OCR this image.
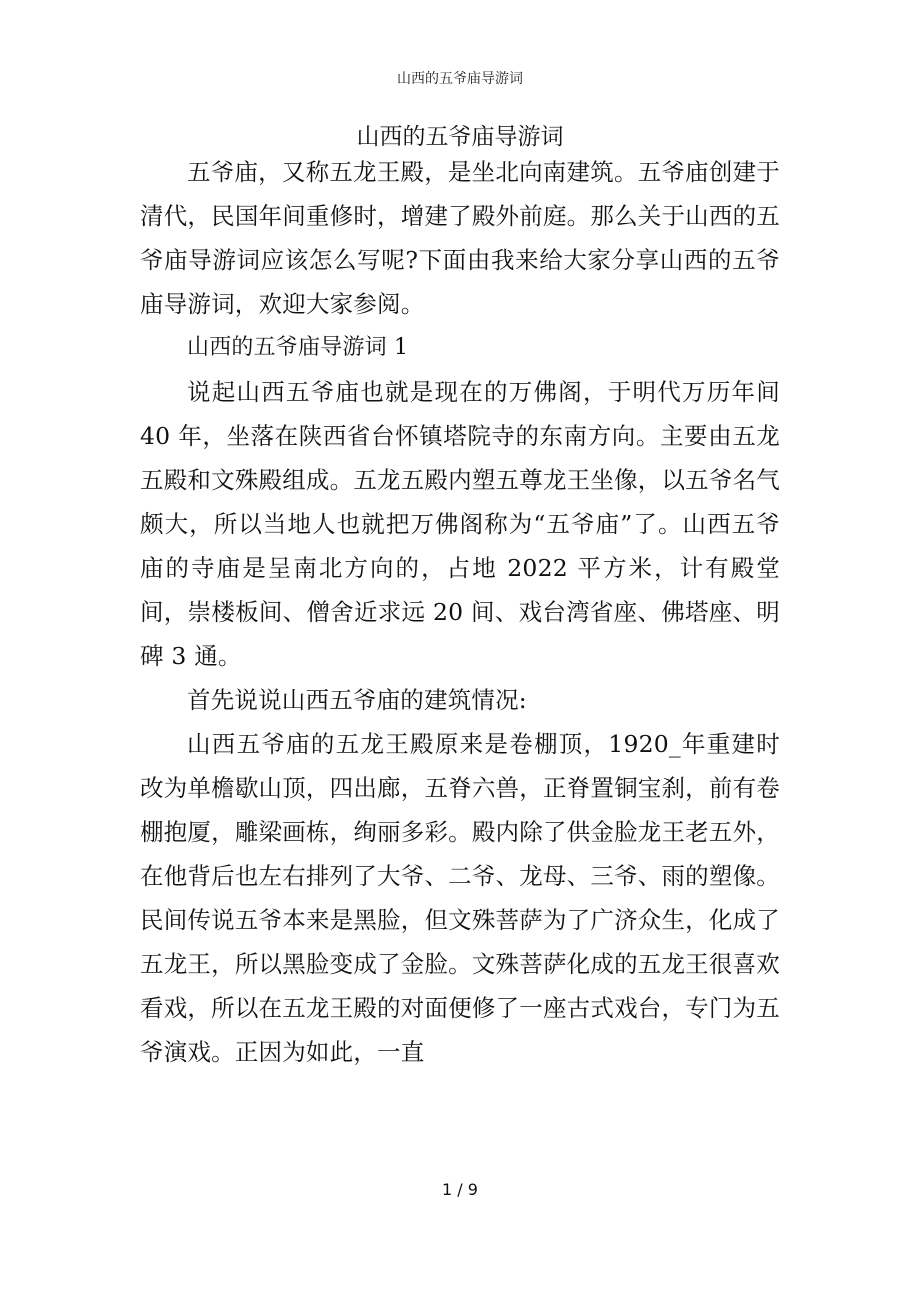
山西的五爷庙导游词
山西的五爷庙导游词

五爷庙，又称五龙王殿，是坐北向南建筑。五爷庙创建于清代，民国年间重修时，增建了殿外前庭。那么关于山西的五爷庙导游词应该怎么写呢?下面由我来给大家分享山西的五爷庙导游词，欢迎大家参阅。

山西的五爷庙导游词 1

说起山西五爷庙也就是现在的万佛阁，于明代万历年间 40 年，坐落在陕西省台怀镇塔院寺的东南方向。主要由五龙五殿和文殊殿组成。五龙五殿内塑五尊龙王坐像，以五爷名气颇大，所以当地人也就把万佛阁称为“五爷庙”了。山西五爷庙的寺庙是呈南北方向的，占地 2022 平方米，计有殿堂间，崇楼板间、僧舍近求远 20 间、戏台湾省座、佛塔座、明碑 3 通。

首先说说山西五爷庙的建筑情况:

山西五爷庙的五龙王殿原来是卷棚顶，1920_年重建时改为单檐歇山顶，四出廊，五脊六兽，正脊置铜宝刹，前有卷棚抱厦，雕梁画栋，绚丽多彩。殿内除了供金脸龙王老五外，在他背后也左右排列了大爷、二爷、龙母、三爷、雨的塑像。民间传说五爷本来是黑脸，但文殊菩萨为了广济众生，化成了五龙王，所以黑脸变成了金脸。文殊菩萨化成的五龙王很喜欢看戏，所以在五龙王殿的对面便修了一座古式戏台，专门为五爷演戏。正因为如此，一直

1 / 9
